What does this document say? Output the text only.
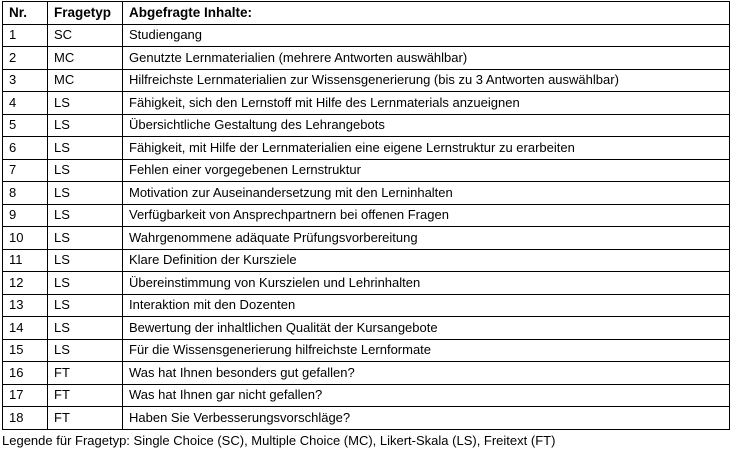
Nr.	Fragetyp	Abgefragte Inhalte:
1	SC	Studiengang
2	MC	Genutzte Lernmaterialien (mehrere Antworten auswählbar)
3	MC	Hilfreichste Lernmaterialien zur Wissensgenerierung (bis zu 3 Antworten auswählbar)
4	LS	Fähigkeit, sich den Lernstoff mit Hilfe des Lernmaterials anzueignen
5	LS	Übersichtliche Gestaltung des Lehrangebots
6	LS	Fähigkeit, mit Hilfe der Lernmaterialien eine eigene Lernstruktur zu erarbeiten
7	LS	Fehlen einer vorgegebenen Lernstruktur
8	LS	Motivation zur Auseinandersetzung mit den Lerninhalten
9	LS	Verfügbarkeit von Ansprechpartnern bei offenen Fragen
10	LS	Wahrgenommene adäquate Prüfungsvorbereitung
11	LS	Klare Definition der Kursziele
12	LS	Übereinstimmung von Kurszielen und Lehrinhalten
13	LS	Interaktion mit den Dozenten
14	LS	Bewertung der inhaltlichen Qualität der Kursangebote
15	LS	Für die Wissensgenerierung hilfreichste Lernformate
16	FT	Was hat Ihnen besonders gut gefallen?
17	FT	Was hat Ihnen gar nicht gefallen?
18	FT	Haben Sie Verbesserungsvorschläge?
Legende für Fragetyp: Single Choice (SC), Multiple Choice (MC), Likert-Skala (LS), Freitext (FT)
